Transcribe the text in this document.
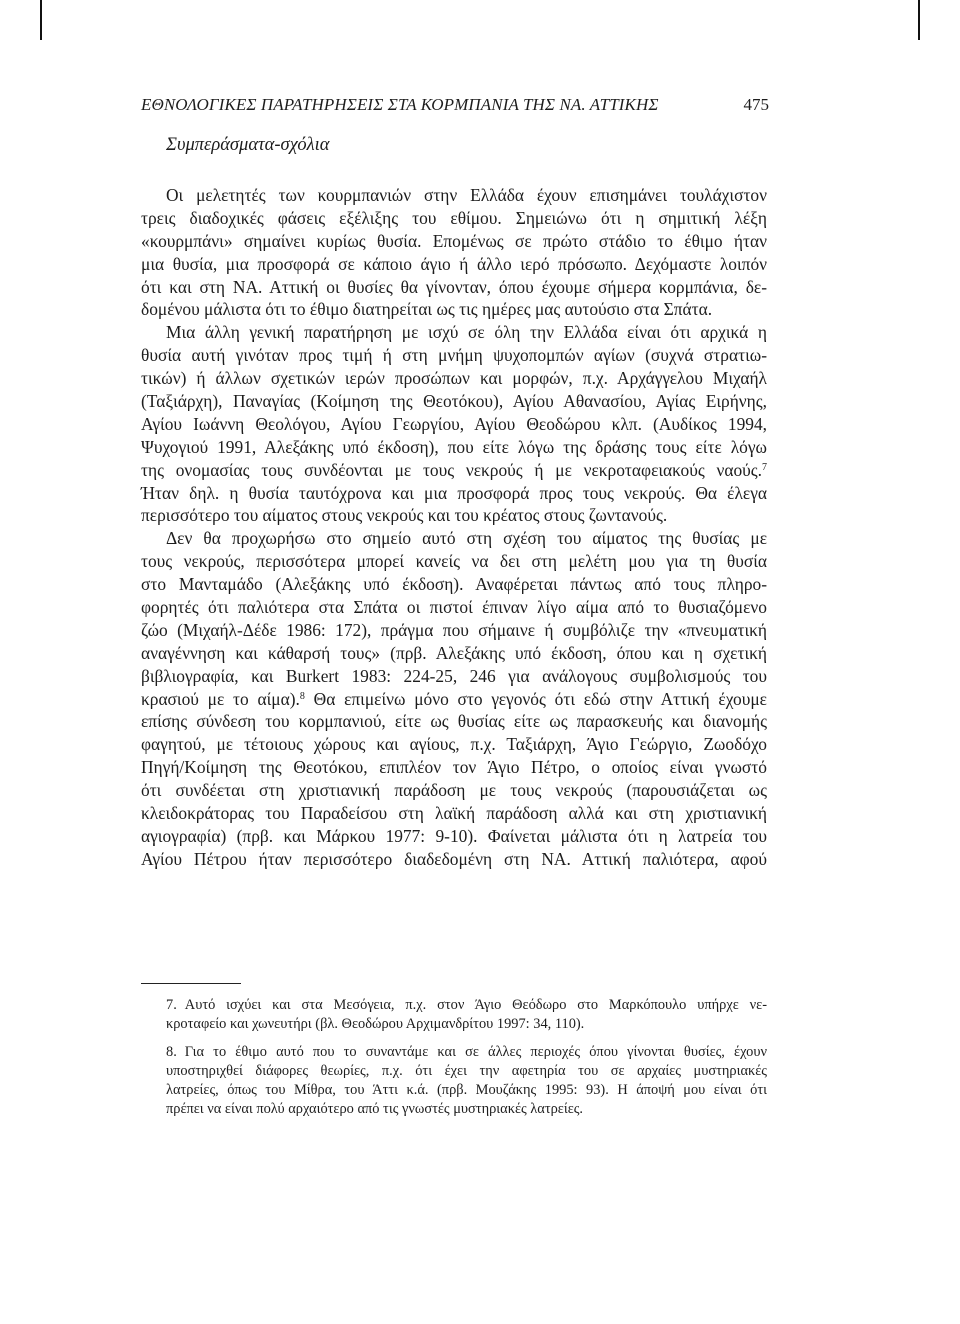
ΕΘΝΟΛΟΓΙΚΕΣ ΠΑΡΑΤΗΡΗΣΕΙΣ ΣΤΑ ΚΟΡΜΠΑΝΙΑ ΤΗΣ ΝΑ. ΑΤΤΙΚΗΣ	475
Συμπεράσματα-σχόλια
Οι μελετητές των κουρμπανιών στην Ελλάδα έχουν επισημάνει τουλάχιστον
τρεις διαδοχικές φάσεις εξέλιξης του εθίμου. Σημειώνω ότι η σημιτική λέξη
«κουρμπάνι» σημαίνει κυρίως θυσία. Επομένως σε πρώτο στάδιο το έθιμο ήταν
μια θυσία, μια προσφορά σε κάποιο άγιο ή άλλο ιερό πρόσωπο. Δεχόμαστε λοιπόν
ότι και στη ΝΑ. Αττική οι θυσίες θα γίνονταν, όπου έχουμε σήμερα κορμπάνια, δε-
δομένου μάλιστα ότι το έθιμο διατηρείται ως τις ημέρες μας αυτούσιο στα Σπάτα.
Μια άλλη γενική παρατήρηση με ισχύ σε όλη την Ελλάδα είναι ότι αρχικά η
θυσία αυτή γινόταν προς τιμή ή στη μνήμη ψυχοπομπών αγίων (συχνά στρατιω-
τικών) ή άλλων σχετικών ιερών προσώπων και μορφών, π.χ. Αρχάγγελου Μιχαήλ
(Ταξιάρχη), Παναγίας (Κοίμηση της Θεοτόκου), Αγίου Αθανασίου, Αγίας Ειρήνης,
Αγίου Ιωάννη Θεολόγου, Αγίου Γεωργίου, Αγίου Θεοδώρου κλπ. (Αυδίκος 1994,
Ψυχογιού 1991, Αλεξάκης υπό έκδοση), που είτε λόγω της δράσης τους είτε λόγω
της ονομασίας τους συνδέονται με τους νεκρούς ή με νεκροταφειακούς ναούς.$^7$
Ήταν δηλ. η θυσία ταυτόχρονα και μια προσφορά προς τους νεκρούς. Θα έλεγα
περισσότερο του αίματος στους νεκρούς και του κρέατος στους ζωντανούς.
Δεν θα προχωρήσω στο σημείο αυτό στη σχέση του αίματος της θυσίας με
τους νεκρούς, περισσότερα μπορεί κανείς να δει στη μελέτη μου για τη θυσία
στο Μανταμάδο (Αλεξάκης υπό έκδοση). Αναφέρεται πάντως από τους πληρο-
φορητές ότι παλιότερα στα Σπάτα οι πιστοί έπιναν λίγο αίμα από το θυσιαζόμενο
ζώο (Μιχαήλ-Δέδε 1986: 172), πράγμα που σήμαινε ή συμβόλιζε την «πνευματική
αναγέννηση και κάθαρσή τους» (πρβ. Αλεξάκης υπό έκδοση, όπου και η σχετική
βιβλιογραφία, και Burkert 1983: 224-25, 246 για ανάλογους συμβολισμούς του
κρασιού με το αίμα).$^8$ Θα επιμείνω μόνο στο γεγονός ότι εδώ στην Αττική έχουμε
επίσης σύνδεση του κορμπανιού, είτε ως θυσίας είτε ως παρασκευής και διανομής
φαγητού, με τέτοιους χώρους και αγίους, π.χ. Ταξιάρχη, Άγιο Γεώργιο, Ζωοδόχο
Πηγή/Κοίμηση της Θεοτόκου, επιπλέον τον Άγιο Πέτρο, ο οποίος είναι γνωστό
ότι συνδέεται στη χριστιανική παράδοση με τους νεκρούς (παρουσιάζεται ως
κλειδοκράτορας του Παραδείσου στη λαϊκή παράδοση αλλά και στη χριστιανική
αγιογραφία) (πρβ. και Μάρκου 1977: 9-10). Φαίνεται μάλιστα ότι η λατρεία του
Αγίου Πέτρου ήταν περισσότερο διαδεδομένη στη ΝΑ. Αττική παλιότερα, αφού
7. Αυτό ισχύει και στα Μεσόγεια, π.χ. στον Άγιο Θεόδωρο στο Μαρκόπουλο υπήρχε νε-
κροταφείο και χωνευτήρι (βλ. Θεοδώρου Αρχιμανδρίτου 1997: 34, 110).
8. Για το έθιμο αυτό που το συναντάμε και σε άλλες περιοχές όπου γίνονται θυσίες, έχουν
υποστηριχθεί διάφορες θεωρίες, π.χ. ότι έχει την αφετηρία του σε αρχαίες μυστηριακές
λατρείες, όπως του Μίθρα, του Άττι κ.ά. (πρβ. Μουζάκης 1995: 93). Η άποψή μου είναι ότι
πρέπει να είναι πολύ αρχαιότερο από τις γνωστές μυστηριακές λατρείες.
